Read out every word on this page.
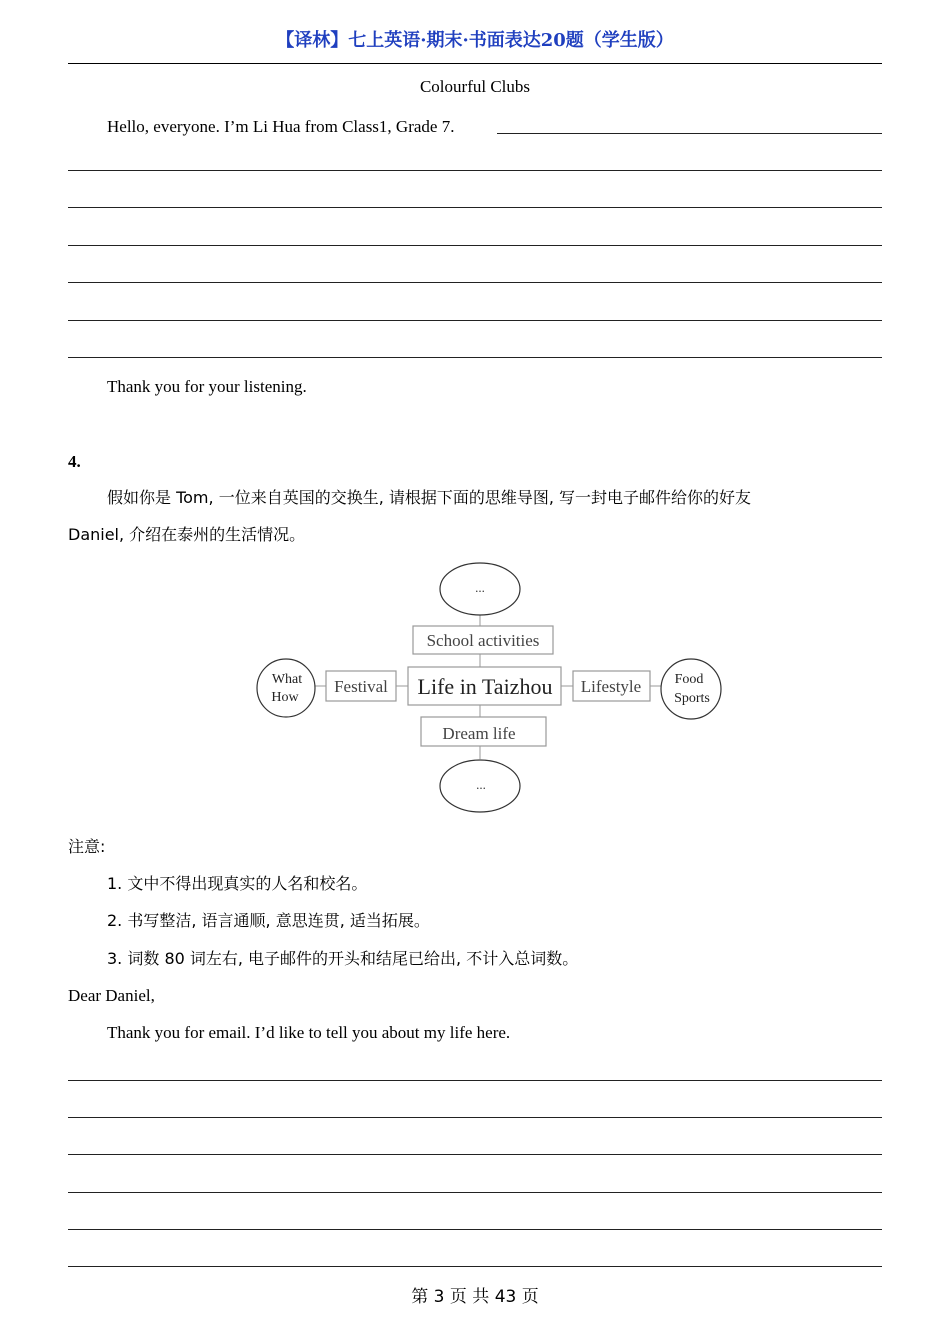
【译林】七上英语·期末·书面表达20题（学生版）
Colourful Clubs
Hello, everyone. I’m Li Hua from Class1, Grade 7.
Thank you for your listening.
4.
假如你是 Tom, 一位来自英国的交换生, 请根据下面的思维导图, 写一封电子邮件给你的好友
Daniel, 介绍在泰州的生活情况。
...
School activities
Life in Taizhou
Festival
What
How
Lifestyle Food
Sports
Dream life
...
注意:
1. 文中不得出现真实的人名和校名。
2. 书写整洁, 语言通顺, 意思连贯, 适当拓展。
3. 词数 80 词左右, 电子邮件的开头和结尾已给出, 不计入总词数。
Dear Daniel,
Thank you for email. I’d like to tell you about my life here.
第 3 页 共 43 页
